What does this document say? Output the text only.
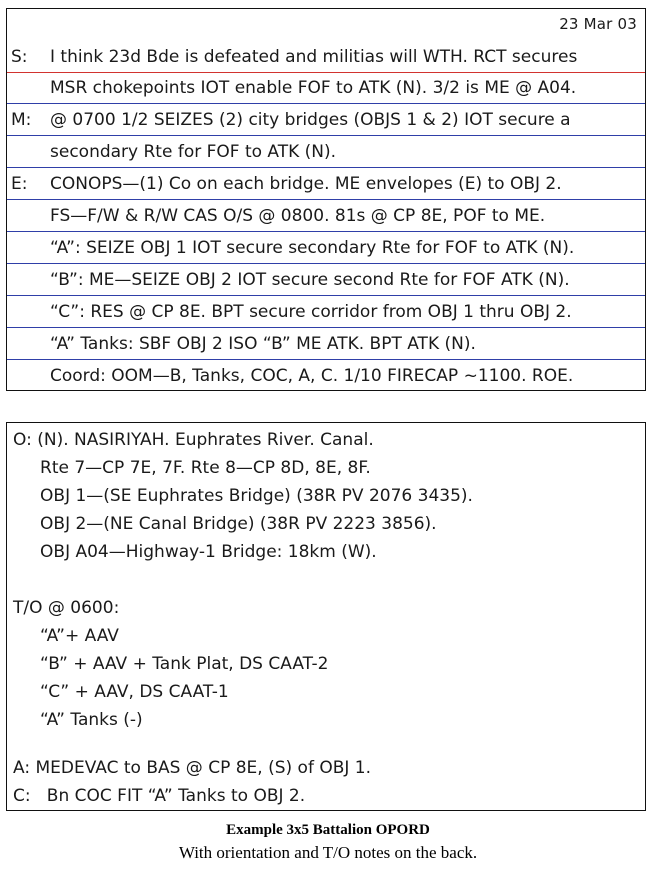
23 Mar 03
S: I think 23d Bde is defeated and militias will WTH. RCT secures
MSR chokepoints IOT enable FOF to ATK (N). 3/2 is ME @ A04.
M: @ 0700 1/2 SEIZES (2) city bridges (OBJS 1 & 2) IOT secure a
secondary Rte for FOF to ATK (N).
E: CONOPS—(1) Co on each bridge. ME envelopes (E) to OBJ 2.
FS—F/W & R/W CAS O/S @ 0800. 81s @ CP 8E, POF to ME.
“A”: SEIZE OBJ 1 IOT secure secondary Rte for FOF to ATK (N).
“B”: ME—SEIZE OBJ 2 IOT secure second Rte for FOF ATK (N).
“C”: RES @ CP 8E. BPT secure corridor from OBJ 1 thru OBJ 2.
“A” Tanks: SBF OBJ 2 ISO “B” ME ATK. BPT ATK (N).
Coord: OOM—B, Tanks, COC, A, C. 1/10 FIRECAP ~1100. ROE.
O: (N). NASIRIYAH. Euphrates River. Canal.
Rte 7—CP 7E, 7F. Rte 8—CP 8D, 8E, 8F.
OBJ 1—(SE Euphrates Bridge) (38R PV 2076 3435).
OBJ 2—(NE Canal Bridge) (38R PV 2223 3856).
OBJ A04—Highway-1 Bridge: 18km (W).
T/O @ 0600:
“A”+ AAV
“B” + AAV + Tank Plat, DS CAAT-2
“C” + AAV, DS CAAT-1
“A” Tanks (-)
A: MEDEVAC to BAS @ CP 8E, (S) of OBJ 1.
C:   Bn COC FIT “A” Tanks to OBJ 2.
Example 3x5 Battalion OPORD
With orientation and T/O notes on the back.
